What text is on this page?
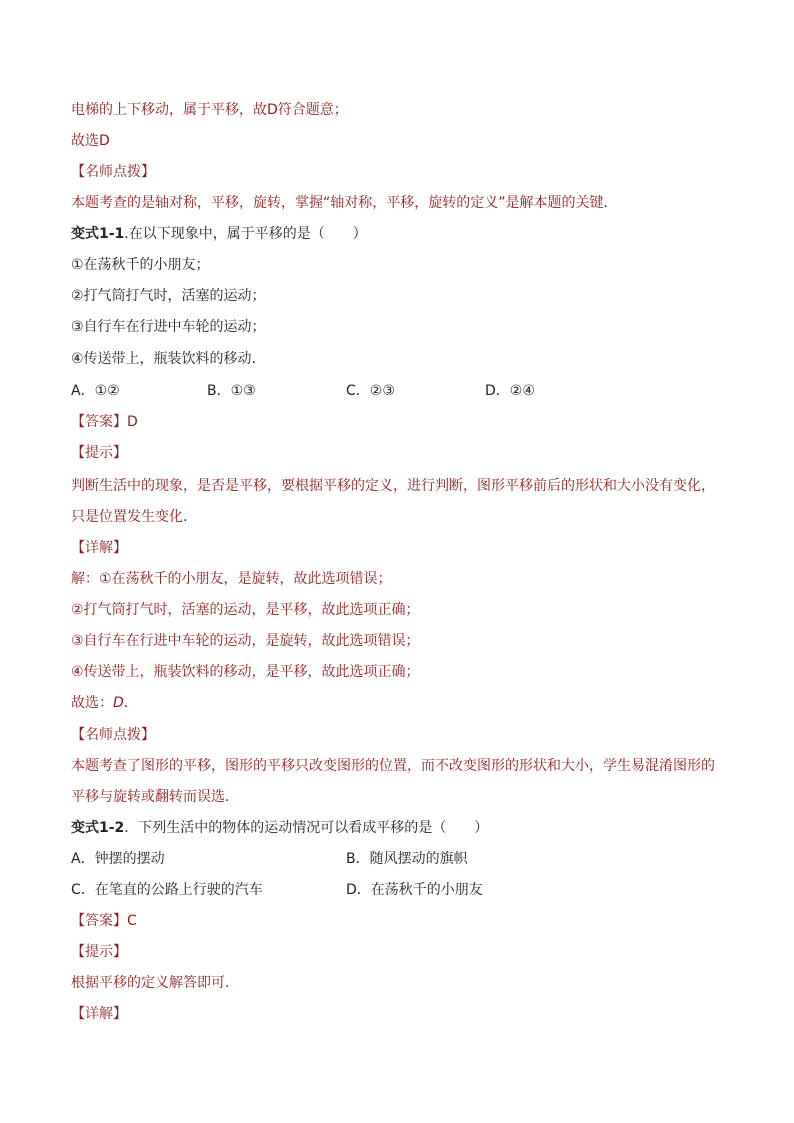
电梯的上下移动，属于平移，故D符合题意；

故选D

【名师点拨】

本题考查的是轴对称，平移，旋转，掌握“轴对称，平移，旋转的定义”是解本题的关键.

变式1-1.在以下现象中，属于平移的是（　　）

①在荡秋千的小朋友；

②打气筒打气时，活塞的运动；

③自行车在行进中车轮的运动；

④传送带上，瓶装饮料的移动.

A．①②	B．①③	C．②③	D．②④

【答案】D

【提示】

判断生活中的现象，是否是平移，要根据平移的定义，进行判断，图形平移前后的形状和大小没有变化，

只是位置发生变化．

【详解】

解：①在荡秋千的小朋友，是旋转，故此选项错误；

②打气筒打气时，活塞的运动，是平移，故此选项正确；

③自行车在行进中车轮的运动，是旋转，故此选项错误；

④传送带上，瓶装饮料的移动，是平移，故此选项正确；

故选：D．

【名师点拨】

本题考查了图形的平移，图形的平移只改变图形的位置，而不改变图形的形状和大小，学生易混淆图形的

平移与旋转或翻转而误选．

变式1-2．下列生活中的物体的运动情况可以看成平移的是（　　）

A．钟摆的摆动	B．随风摆动的旗帜
C．在笔直的公路上行驶的汽车	D．在荡秋千的小朋友

【答案】C

【提示】

根据平移的定义解答即可．

【详解】
